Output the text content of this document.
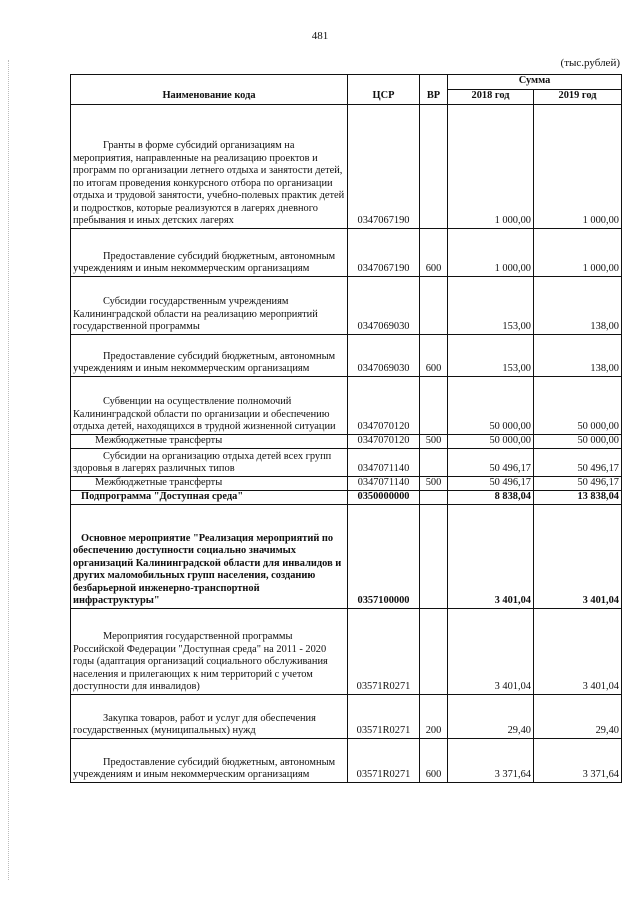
481
(тыс.рублей)
Наименование кода	ЦСР	ВР	Сумма	
			2018 год	2019 год
Гранты в форме субсидий организациям на мероприятия, направленные на реализацию проектов и программ по организации летнего отдыха и занятости детей, по итогам проведения конкурсного отбора по организации отдыха и трудовой занятости, учебно-полевых практик детей и подростков, которые реализуются в лагерях дневного пребывания и иных детских лагерях	0347067190		1 000,00	1 000,00
Предоставление субсидий бюджетным, автономным учреждениям и иным некоммерческим организациям	0347067190	600	1 000,00	1 000,00
Субсидии государственным учреждениям Калининградской области на реализацию мероприятий государственной программы	0347069030		153,00	138,00
Предоставление субсидий бюджетным, автономным учреждениям и иным некоммерческим организациям	0347069030	600	153,00	138,00
Субвенции на осуществление полномочий Калининградской области по организации и обеспечению отдыха детей, находящихся в трудной жизненной ситуации	0347070120		50 000,00	50 000,00
Межбюджетные трансферты	0347070120	500	50 000,00	50 000,00
Субсидии на организацию отдыха детей всех групп здоровья в лагерях различных типов	0347071140		50 496,17	50 496,17
Межбюджетные трансферты	0347071140	500	50 496,17	50 496,17
Подпрограмма "Доступная среда"	0350000000		8 838,04	13 838,04
Основное мероприятие "Реализация мероприятий по обеспечению доступности социально значимых организаций Калининградской области для инвалидов и других маломобильных групп населения, созданию безбарьерной инженерно-транспортной инфраструктуры"	0357100000		3 401,04	3 401,04
Мероприятия государственной программы Российской Федерации "Доступная среда" на 2011 - 2020 годы (адаптация организаций социального обслуживания населения и прилегающих к ним территорий с учетом доступности для инвалидов)	03571R0271		3 401,04	3 401,04
Закупка товаров, работ и услуг для обеспечения государственных (муниципальных) нужд	03571R0271	200	29,40	29,40
Предоставление субсидий бюджетным, автономным учреждениям и иным некоммерческим организациям	03571R0271	600	3 371,64	3 371,64
